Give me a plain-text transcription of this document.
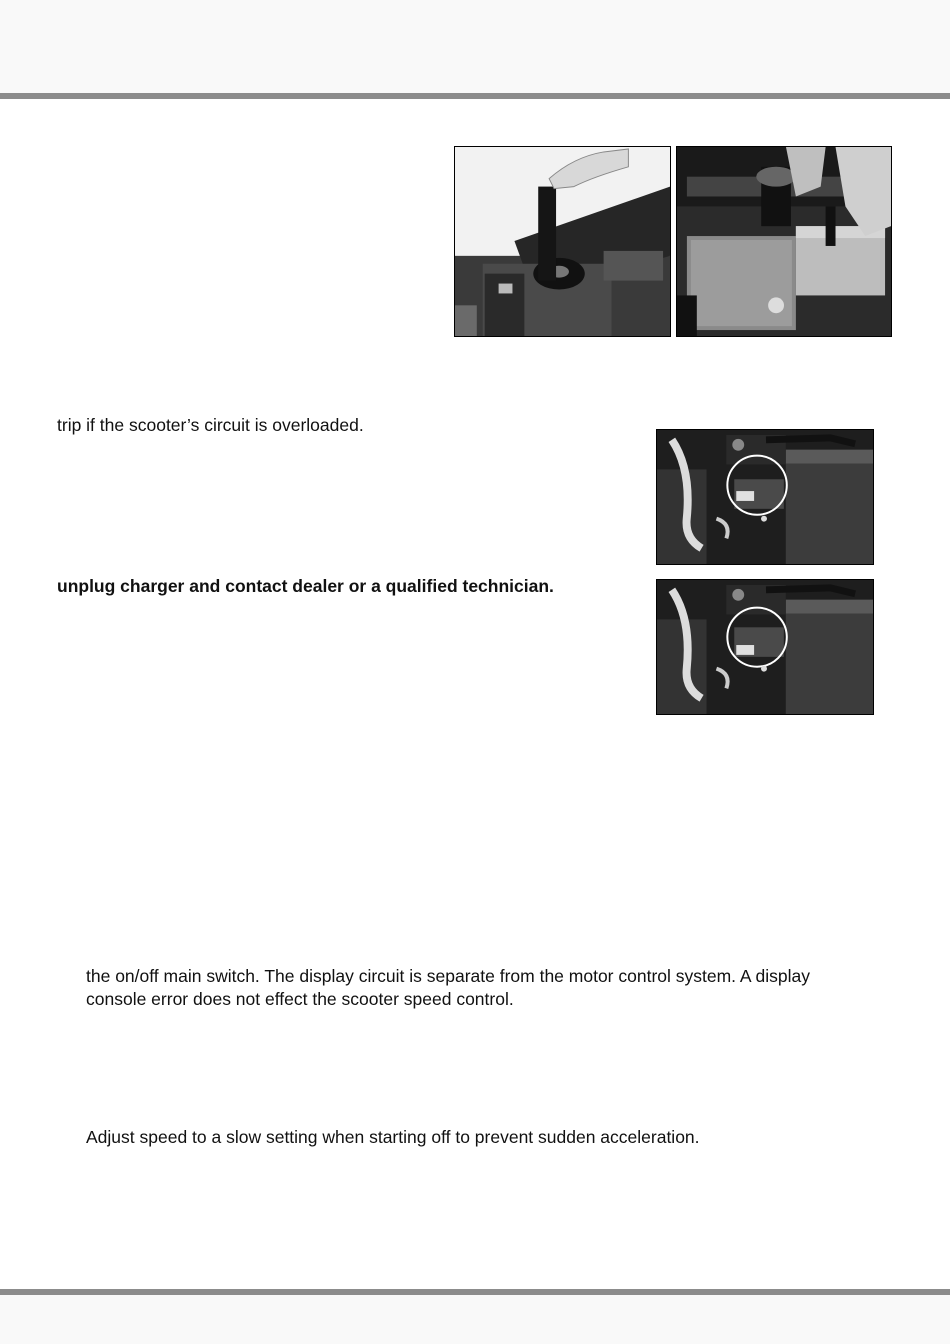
trip if the scooter’s circuit is overloaded.
unplug charger and contact dealer or a qualified technician.
the on/off main switch. The display circuit is separate from the motor control system. A display
console error does not effect the scooter speed control.
Adjust speed to a slow setting when starting off to prevent sudden acceleration.
